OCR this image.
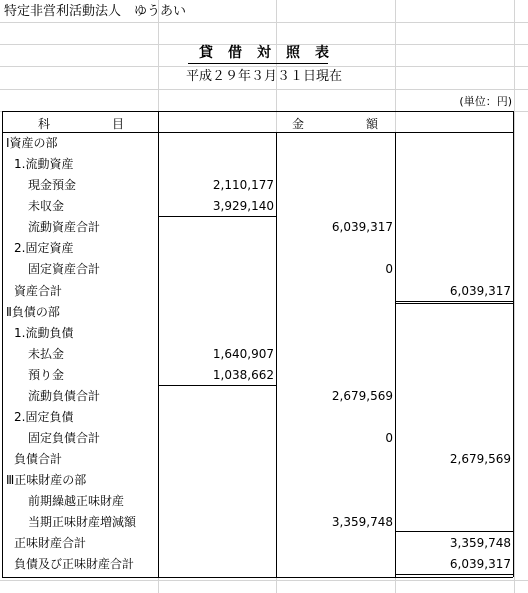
特定非営利活動法人　ゆうあい
貸借対照表
平成２９年３月３１日現在
(単位：円)
科	目	金	額
Ⅰ資産の部
1.流動資産
現金預金	2,110,177
未収金	3,929,140
流動資産合計	6,039,317
2.固定資産
固定資産合計	0
資産合計	6,039,317
Ⅱ負債の部
1.流動負債
未払金	1,640,907
預り金	1,038,662
流動負債合計	2,679,569
2.固定負債
固定負債合計	0
負債合計	2,679,569
Ⅲ正味財産の部
前期繰越正味財産
当期正味財産増減額	3,359,748
正味財産合計	3,359,748
負債及び正味財産合計	6,039,317
